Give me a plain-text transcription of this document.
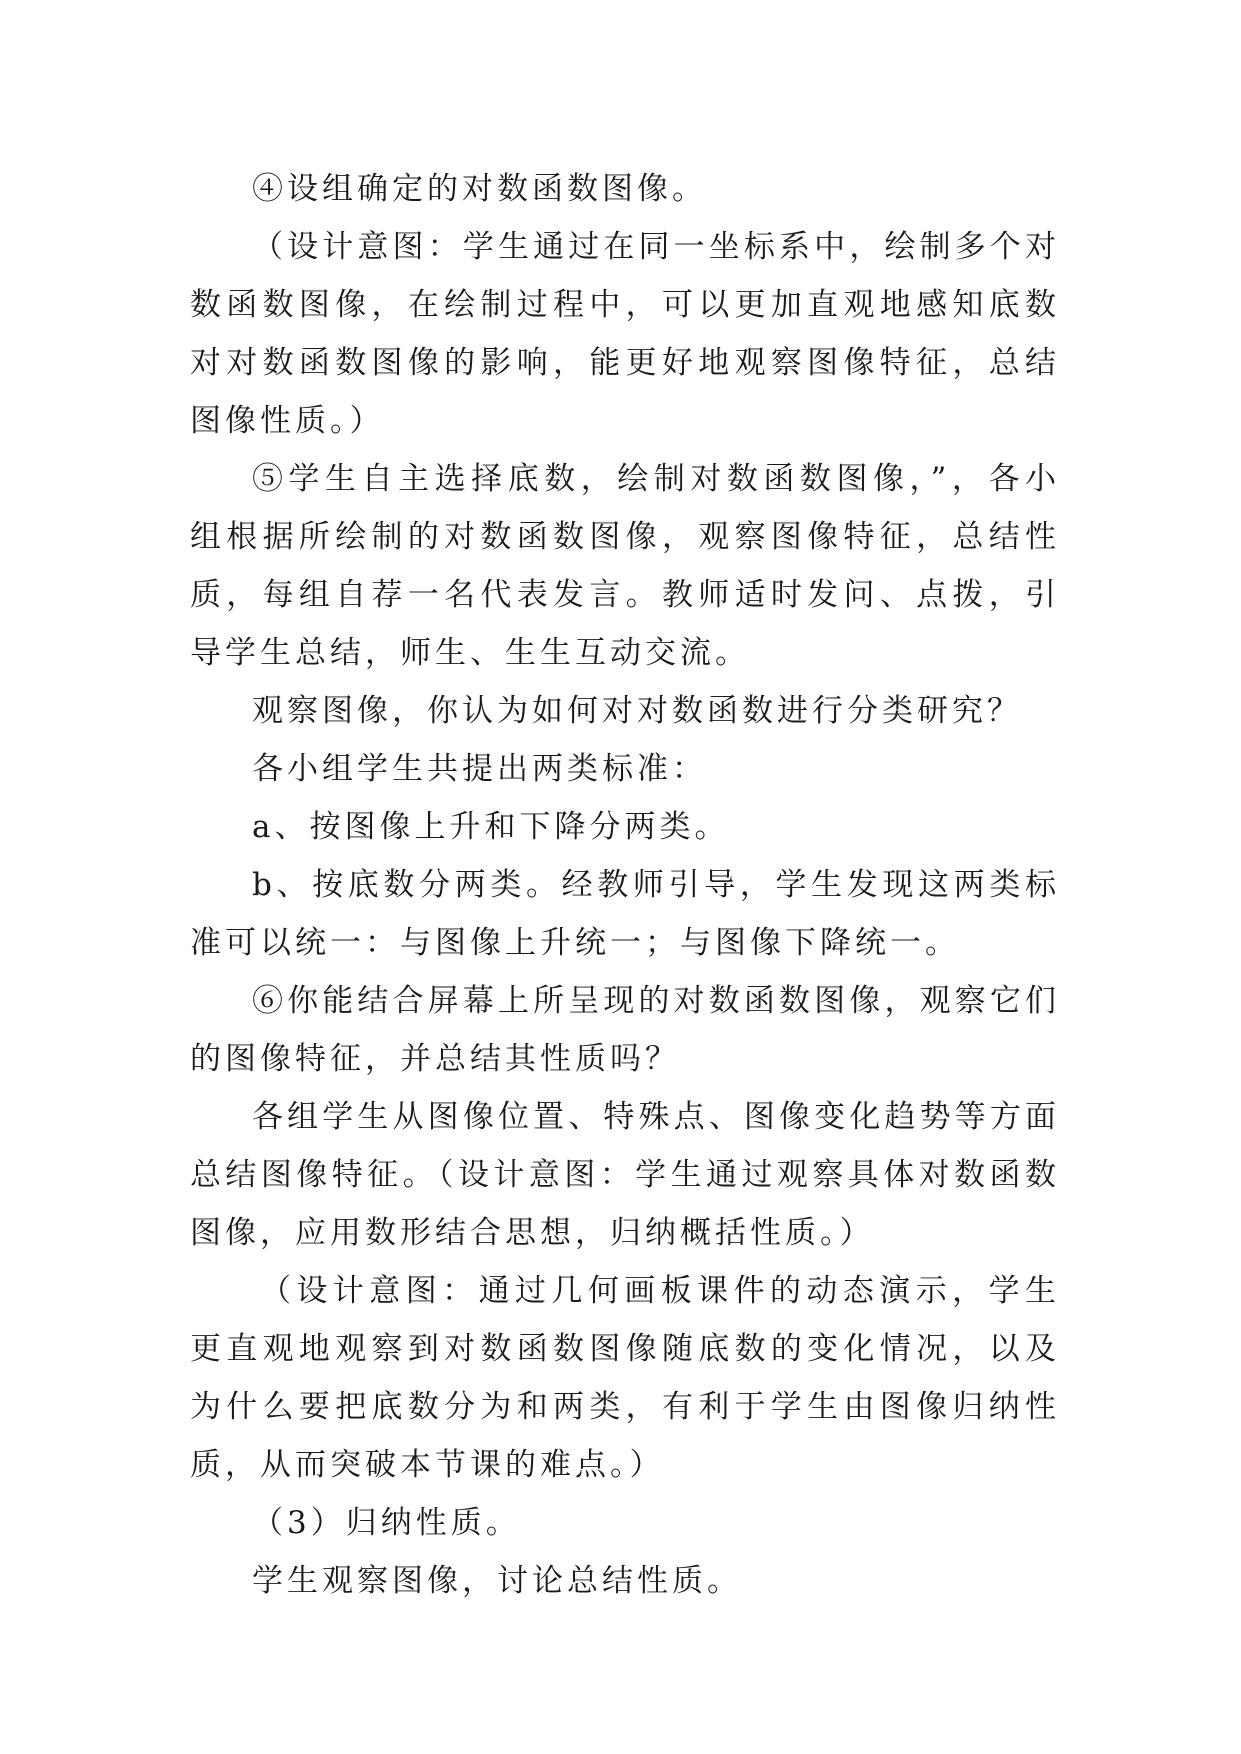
④设组确定的对数函数图像。

（设计意图：学生通过在同一坐标系中，绘制多个对数函数图像，在绘制过程中，可以更加直观地感知底数对对数函数图像的影响，能更好地观察图像特征，总结图像性质。）

⑤学生自主选择底数，绘制对数函数图像，”，各小组根据所绘制的对数函数图像，观察图像特征，总结性质，每组自荐一名代表发言。教师适时发问、点拨，引导学生总结，师生、生生互动交流。

观察图像，你认为如何对对数函数进行分类研究？

各小组学生共提出两类标准：

a、按图像上升和下降分两类。

b、按底数分两类。经教师引导，学生发现这两类标准可以统一：与图像上升统一；与图像下降统一。

⑥你能结合屏幕上所呈现的对数函数图像，观察它们的图像特征，并总结其性质吗？

各组学生从图像位置、特殊点、图像变化趋势等方面总结图像特征。（设计意图：学生通过观察具体对数函数图像，应用数形结合思想，归纳概括性质。）

（设计意图：通过几何画板课件的动态演示，学生更直观地观察到对数函数图像随底数的变化情况，以及为什么要把底数分为和两类，有利于学生由图像归纳性质，从而突破本节课的难点。）

（3）归纳性质。

学生观察图像，讨论总结性质。
